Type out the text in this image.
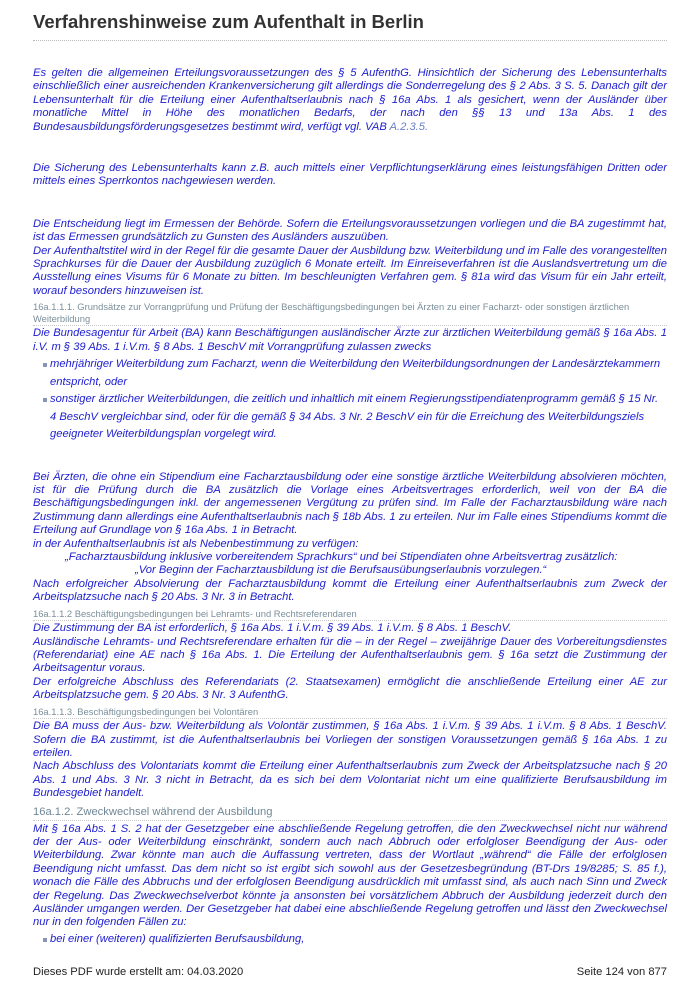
Verfahrenshinweise zum Aufenthalt in Berlin

Es gelten die allgemeinen Erteilungsvoraussetzungen des § 5 AufenthG. Hinsichtlich der Sicherung des Lebensunterhalts einschließlich einer ausreichenden Krankenversicherung gilt allerdings die Sonderregelung des § 2 Abs. 3 S. 5. Danach gilt der Lebensunterhalt für die Erteilung einer Aufenthaltserlaubnis nach § 16a Abs. 1 als gesichert, wenn der Ausländer über monatliche Mittel in Höhe des monatlichen Bedarfs, der nach den §§ 13 und 13a Abs. 1 des Bundesausbildungsförderungsgesetzes bestimmt wird, verfügt vgl. VAB A.2.3.5.

Die Sicherung des Lebensunterhalts kann z.B. auch mittels einer Verpflichtungserklärung eines leistungsfähigen Dritten oder mittels eines Sperrkontos nachgewiesen werden.

Die Entscheidung liegt im Ermessen der Behörde. Sofern die Erteilungsvoraussetzungen vorliegen und die BA zugestimmt hat, ist das Ermessen grundsätzlich zu Gunsten des Ausländers auszuüben.

Der Aufenthaltstitel wird in der Regel für die gesamte Dauer der Ausbildung bzw. Weiterbildung und im Falle des vorangestellten Sprachkurses für die Dauer der Ausbildung zuzüglich 6 Monate erteilt. Im Einreiseverfahren ist die Auslandsvertretung um die Ausstellung eines Visums für 6 Monate zu bitten. Im beschleunigten Verfahren gem. § 81a wird das Visum für ein Jahr erteilt, worauf besonders hinzuweisen ist.

16a.1.1.1. Grundsätze zur Vorrangprüfung und Prüfung der Beschäftigungsbedingungen bei Ärzten zu einer Facharzt- oder sonstigen ärztlichen Weiterbildung

Die Bundesagentur für Arbeit (BA) kann Beschäftigungen ausländischer Ärzte zur ärztlichen Weiterbildung gemäß § 16a Abs. 1 i.V. m § 39 Abs. 1 i.V.m. § 8 Abs. 1 BeschV mit Vorrangprüfung zulassen zwecks

mehrjähriger Weiterbildung zum Facharzt, wenn die Weiterbildung den Weiterbildungsordnungen der Landesärztekammern entspricht, oder
sonstiger ärztlicher Weiterbildungen, die zeitlich und inhaltlich mit einem Regierungsstipendiatenprogramm gemäß § 15 Nr. 4 BeschV vergleichbar sind, oder für die gemäß § 34 Abs. 3 Nr. 2 BeschV ein für die Erreichung des Weiterbildungsziels geeigneter Weiterbildungsplan vorgelegt wird.

Bei Ärzten, die ohne ein Stipendium eine Facharztausbildung oder eine sonstige ärztliche Weiterbildung absolvieren möchten, ist für die Prüfung durch die BA zusätzlich die Vorlage eines Arbeitsvertrages erforderlich, weil von der BA die Beschäftigungsbedingungen inkl. der angemessenen Vergütung zu prüfen sind. Im Falle der Facharztausbildung wäre nach Zustimmung dann allerdings eine Aufenthaltserlaubnis nach § 18b Abs. 1 zu erteilen. Nur im Falle eines Stipendiums kommt die Erteilung auf Grundlage von § 16a Abs. 1 in Betracht.

in der Aufenthaltserlaubnis ist als Nebenbestimmung zu verfügen:

„Facharztausbildung inklusive vorbereitendem Sprachkurs“ und bei Stipendiaten ohne Arbeitsvertrag zusätzlich:

„Vor Beginn der Facharztausbildung ist die Berufsausübungserlaubnis vorzulegen.“

Nach erfolgreicher Absolvierung der Facharztausbildung kommt die Erteilung einer Aufenthaltserlaubnis zum Zweck der Arbeitsplatzsuche nach § 20 Abs. 3 Nr. 3 in Betracht.

16a.1.1.2 Beschäftigungsbedingungen bei Lehramts- und Rechtsreferendaren

Die Zustimmung der BA ist erforderlich, § 16a Abs. 1 i.V.m. § 39 Abs. 1 i.V.m. § 8 Abs. 1 BeschV.

Ausländische Lehramts- und Rechtsreferendare erhalten für die – in der Regel – zweijährige Dauer des Vorbereitungsdienstes (Referendariat) eine AE nach § 16a Abs. 1. Die Erteilung der Aufenthaltserlaubnis gem. § 16a setzt die Zustimmung der Arbeitsagentur voraus.

Der erfolgreiche Abschluss des Referendariats (2. Staatsexamen) ermöglicht die anschließende Erteilung einer AE zur Arbeitsplatzsuche gem. § 20 Abs. 3 Nr. 3 AufenthG.

16a.1.1.3. Beschäftigungsbedingungen bei Volontären

Die BA muss der Aus- bzw. Weiterbildung als Volontär zustimmen, § 16a Abs. 1 i.V.m. § 39 Abs. 1 i.V.m. § 8 Abs. 1 BeschV. Sofern die BA zustimmt, ist die Aufenthaltserlaubnis bei Vorliegen der sonstigen Voraussetzungen gemäß § 16a Abs. 1 zu erteilen.

Nach Abschluss des Volontariats kommt die Erteilung einer Aufenthaltserlaubnis zum Zweck der Arbeitsplatzsuche nach § 20 Abs. 1 und Abs. 3 Nr. 3 nicht in Betracht, da es sich bei dem Volontariat nicht um eine qualifizierte Berufsausbildung im Bundesgebiet handelt.

16a.1.2. Zweckwechsel während der Ausbildung

Mit § 16a Abs. 1 S. 2 hat der Gesetzgeber eine abschließende Regelung getroffen, die den Zweckwechsel nicht nur während der der Aus- oder Weiterbildung einschränkt, sondern auch nach Abbruch oder erfolgloser Beendigung der Aus- oder Weiterbildung. Zwar könnte man auch die Auffassung vertreten, dass der Wortlaut „während“ die Fälle der erfolglosen Beendigung nicht umfasst. Das dem nicht so ist ergibt sich sowohl aus der Gesetzesbegründung (BT-Drs 19/8285; S. 85 f.), wonach die Fälle des Abbruchs und der erfolglosen Beendigung ausdrücklich mit umfasst sind, als auch nach Sinn und Zweck der Regelung. Das Zweckwechselverbot könnte ja ansonsten bei vorsätzlichem Abbruch der Ausbildung jederzeit durch den Ausländer umgangen werden. Der Gesetzgeber hat dabei eine abschließende Regelung getroffen und lässt den Zweckwechsel nur in den folgenden Fällen zu:

bei einer (weiteren) qualifizierten Berufsausbildung,
Dieses PDF wurde erstellt am: 04.03.2020	Seite 124 von 877
